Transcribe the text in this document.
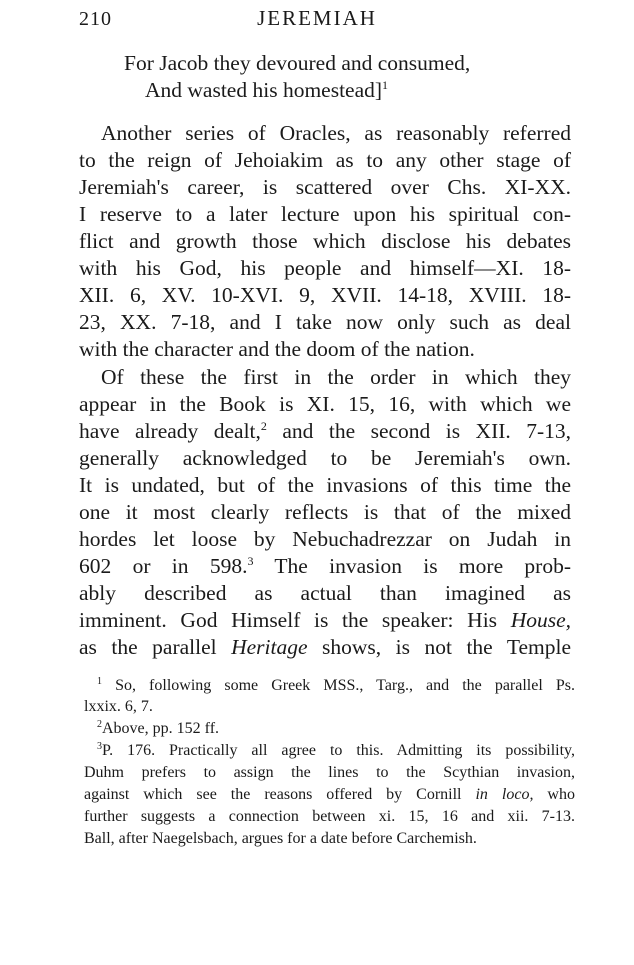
210	JEREMIAH
For Jacob they devoured and consumed,
And wasted his homestead]$^1$
Another series of Oracles, as reasonably referred
to the reign of Jehoiakim as to any other stage of
Jeremiah's career, is scattered over Chs. XI-XX.
I reserve to a later lecture upon his spiritual con-
flict and growth those which disclose his debates
with his God, his people and himself—XI. 18-
XII. 6, XV. 10-XVI. 9, XVII. 14-18, XVIII. 18-
23, XX. 7-18, and I take now only such as deal
with the character and the doom of the nation.
Of these the first in the order in which they
appear in the Book is XI. 15, 16, with which we
have already dealt,$^2$ and the second is XII. 7-13,
generally acknowledged to be Jeremiah's own.
It is undated, but of the invasions of this time the
one it most clearly reflects is that of the mixed
hordes let loose by Nebuchadrezzar on Judah in
602 or in 598.$^3$ The invasion is more prob-
ably described as actual than imagined as
imminent. God Himself is the speaker: His House,
as the parallel Heritage shows, is not the Temple
$^1$ So, following some Greek MSS., Targ., and the parallel Ps.
lxxix. 6, 7.
$^2$Above, pp. 152 ff.
$^3$P. 176. Practically all agree to this. Admitting its possibility,
Duhm prefers to assign the lines to the Scythian invasion,
against which see the reasons offered by Cornill in loco, who
further suggests a connection between xi. 15, 16 and xii. 7-13.
Ball, after Naegelsbach, argues for a date before Carchemish.
